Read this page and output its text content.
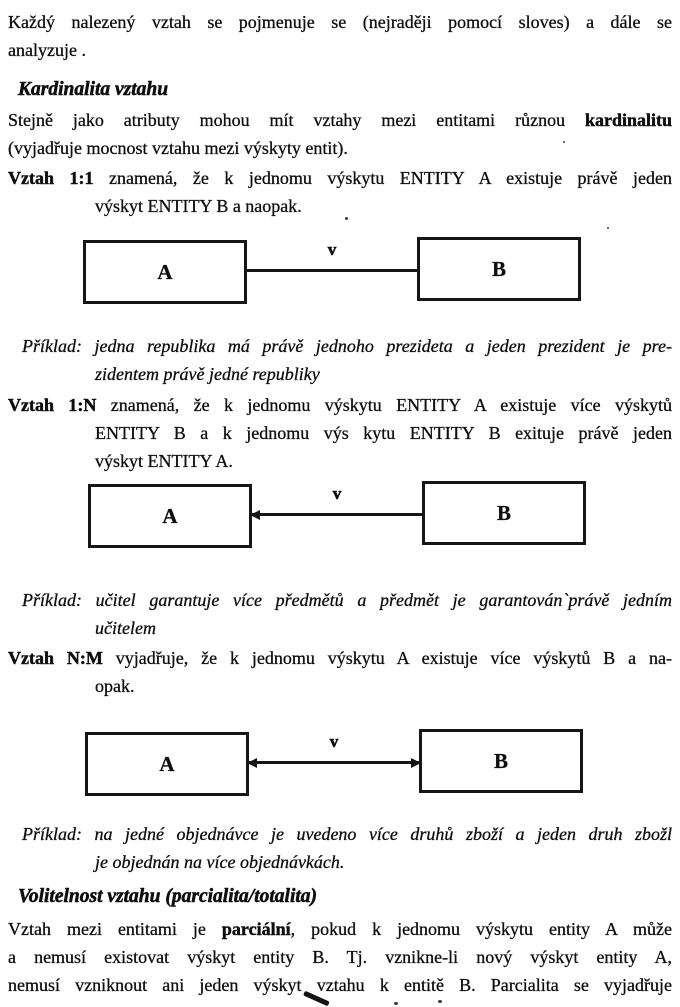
Každý nalezený vztah se pojmenuje se (nejraději pomocí sloves) a dále se
analyzuje .

Kardinalita vztahu

Stejně jako atributy mohou mít vztahy mezi entitami různou kardinalitu
(vyjadřuje mocnost vztahu mezi výskyty entit).

Vztah 1:1 znamená, že k jednomu výskytu ENTITY A existuje právě jeden
výskyt ENTITY B a naopak.

A
v
B

Příklad: jedna republika má právě jednoho prezideta a jeden prezident je pre-
zidentem právě jedné republiky

Vztah 1:N znamená, že k jednomu výskytu ENTITY A existuje více výskytů
ENTITY B a k jednomu výs kytu ENTITY B exituje právě jeden
výskyt ENTITY A.

A
v
B

Příklad: učitel garantuje více předmětů a předmět je garantován`právě jedním
učitelem

Vztah N:M vyjadřuje, že k jednomu výskytu A existuje více výskytů B a na-
opak.

A
v
B

Příklad: na jedné objednávce je uvedeno více druhů zboží a jeden druh zbožl
je objednán na více objednávkách.

Volitelnost vztahu (parcialita/totalita)

Vztah mezi entitami je parciální, pokud k jednomu výskytu entity A může
a nemusí existovat výskyt entity B. Tj. vznikne-li nový výskyt entity A,
nemusí vzniknout ani jeden výskyt vztahu k entitě B. Parcialita se vyjadřuje
